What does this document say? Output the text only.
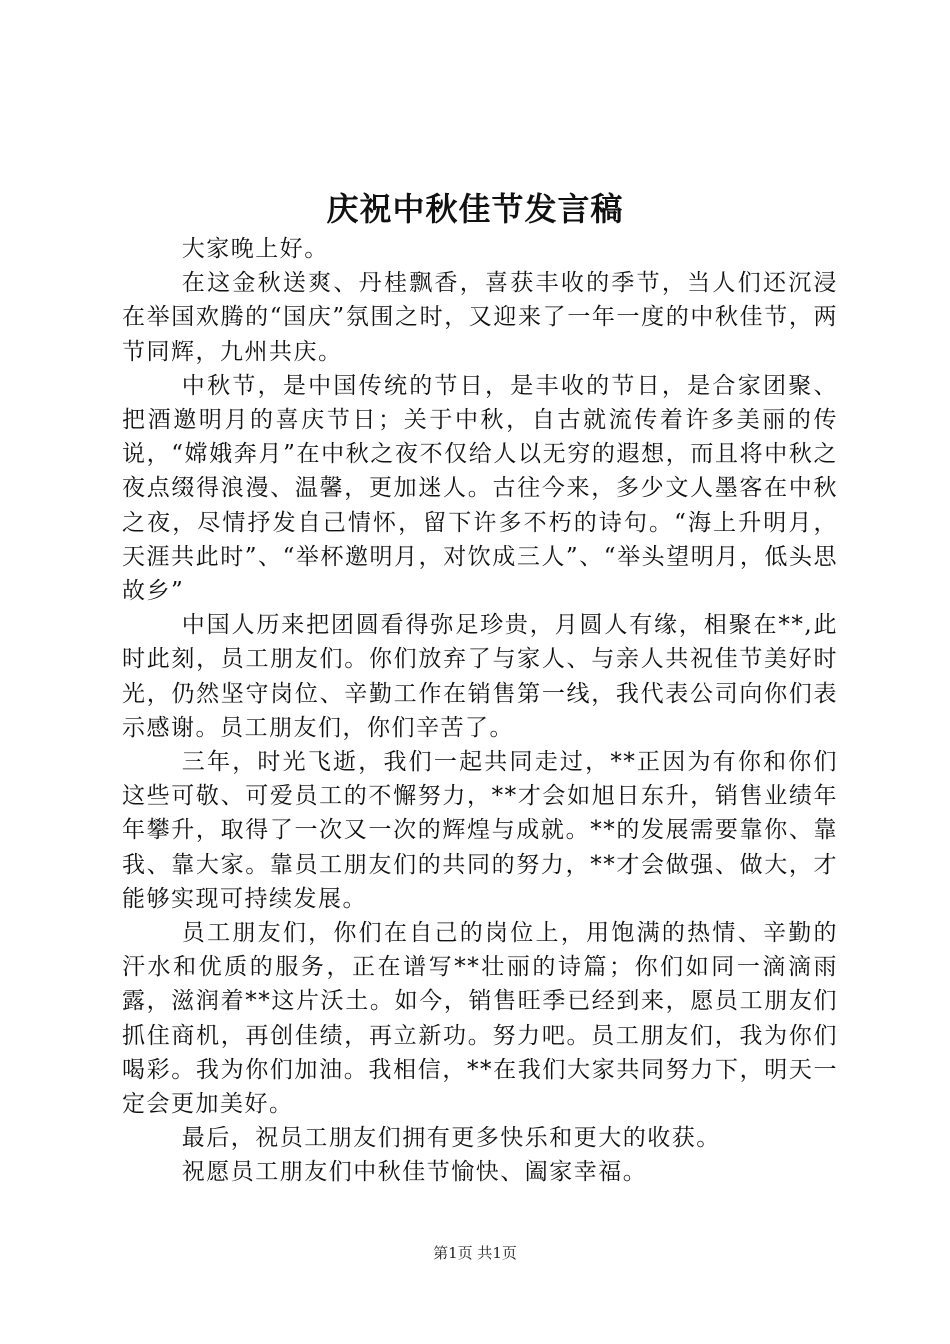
庆祝中秋佳节发言稿

大家晚上好。

在这金秋送爽、丹桂飘香，喜获丰收的季节，当人们还沉浸在举国欢腾的“国庆”氛围之时，又迎来了一年一度的中秋佳节，两节同辉，九州共庆。

中秋节，是中国传统的节日，是丰收的节日，是合家团聚、把酒邀明月的喜庆节日；关于中秋，自古就流传着许多美丽的传说，“嫦娥奔月”在中秋之夜不仅给人以无穷的遐想，而且将中秋之夜点缀得浪漫、温馨，更加迷人。古往今来，多少文人墨客在中秋之夜，尽情抒发自己情怀，留下许多不朽的诗句。“海上升明月，天涯共此时”、“举杯邀明月，对饮成三人”、“举头望明月，低头思故乡”

中国人历来把团圆看得弥足珍贵，月圆人有缘，相聚在**,此时此刻，员工朋友们。你们放弃了与家人、与亲人共祝佳节美好时光，仍然坚守岗位、辛勤工作在销售第一线，我代表公司向你们表示感谢。员工朋友们，你们辛苦了。

三年，时光飞逝，我们一起共同走过，**正因为有你和你们这些可敬、可爱员工的不懈努力，**才会如旭日东升，销售业绩年年攀升，取得了一次又一次的辉煌与成就。**的发展需要靠你、靠我、靠大家。靠员工朋友们的共同的努力，**才会做强、做大，才能够实现可持续发展。

员工朋友们，你们在自己的岗位上，用饱满的热情、辛勤的汗水和优质的服务，正在谱写**壮丽的诗篇；你们如同一滴滴雨露，滋润着**这片沃土。如今，销售旺季已经到来，愿员工朋友们抓住商机，再创佳绩，再立新功。努力吧。员工朋友们，我为你们喝彩。我为你们加油。我相信，**在我们大家共同努力下，明天一定会更加美好。

最后，祝员工朋友们拥有更多快乐和更大的收获。

祝愿员工朋友们中秋佳节愉快、阖家幸福。

第1页 共1页
